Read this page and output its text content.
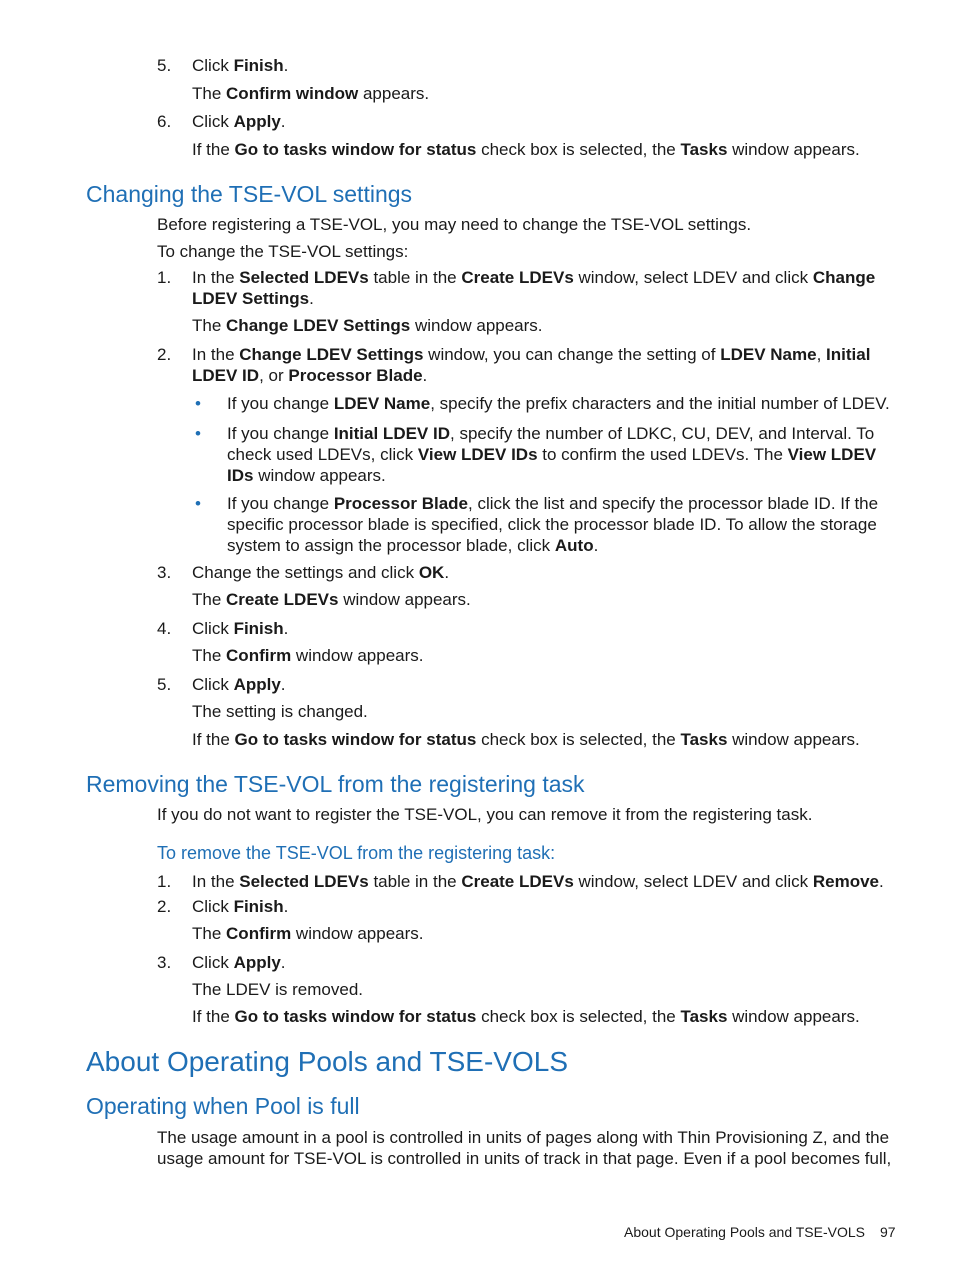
5. Click Finish.
The Confirm window appears.
6. Click Apply.
If the Go to tasks window for status check box is selected, the Tasks window appears.
Changing the TSE-VOL settings
Before registering a TSE-VOL, you may need to change the TSE-VOL settings.
To change the TSE-VOL settings:
1. In the Selected LDEVs table in the Create LDEVs window, select LDEV and click Change LDEV Settings.
The Change LDEV Settings window appears.
2. In the Change LDEV Settings window, you can change the setting of LDEV Name, Initial LDEV ID, or Processor Blade.
• If you change LDEV Name, specify the prefix characters and the initial number of LDEV.
• If you change Initial LDEV ID, specify the number of LDKC, CU, DEV, and Interval. To check used LDEVs, click View LDEV IDs to confirm the used LDEVs. The View LDEV IDs window appears.
• If you change Processor Blade, click the list and specify the processor blade ID. If the specific processor blade is specified, click the processor blade ID. To allow the storage system to assign the processor blade, click Auto.
3. Change the settings and click OK.
The Create LDEVs window appears.
4. Click Finish.
The Confirm window appears.
5. Click Apply.
The setting is changed.
If the Go to tasks window for status check box is selected, the Tasks window appears.
Removing the TSE-VOL from the registering task
If you do not want to register the TSE-VOL, you can remove it from the registering task.
To remove the TSE-VOL from the registering task:
1. In the Selected LDEVs table in the Create LDEVs window, select LDEV and click Remove.
2. Click Finish.
The Confirm window appears.
3. Click Apply.
The LDEV is removed.
If the Go to tasks window for status check box is selected, the Tasks window appears.
About Operating Pools and TSE-VOLS
Operating when Pool is full
The usage amount in a pool is controlled in units of pages along with Thin Provisioning Z, and the usage amount for TSE-VOL is controlled in units of track in that page. Even if a pool becomes full,
About Operating Pools and TSE-VOLS 97
